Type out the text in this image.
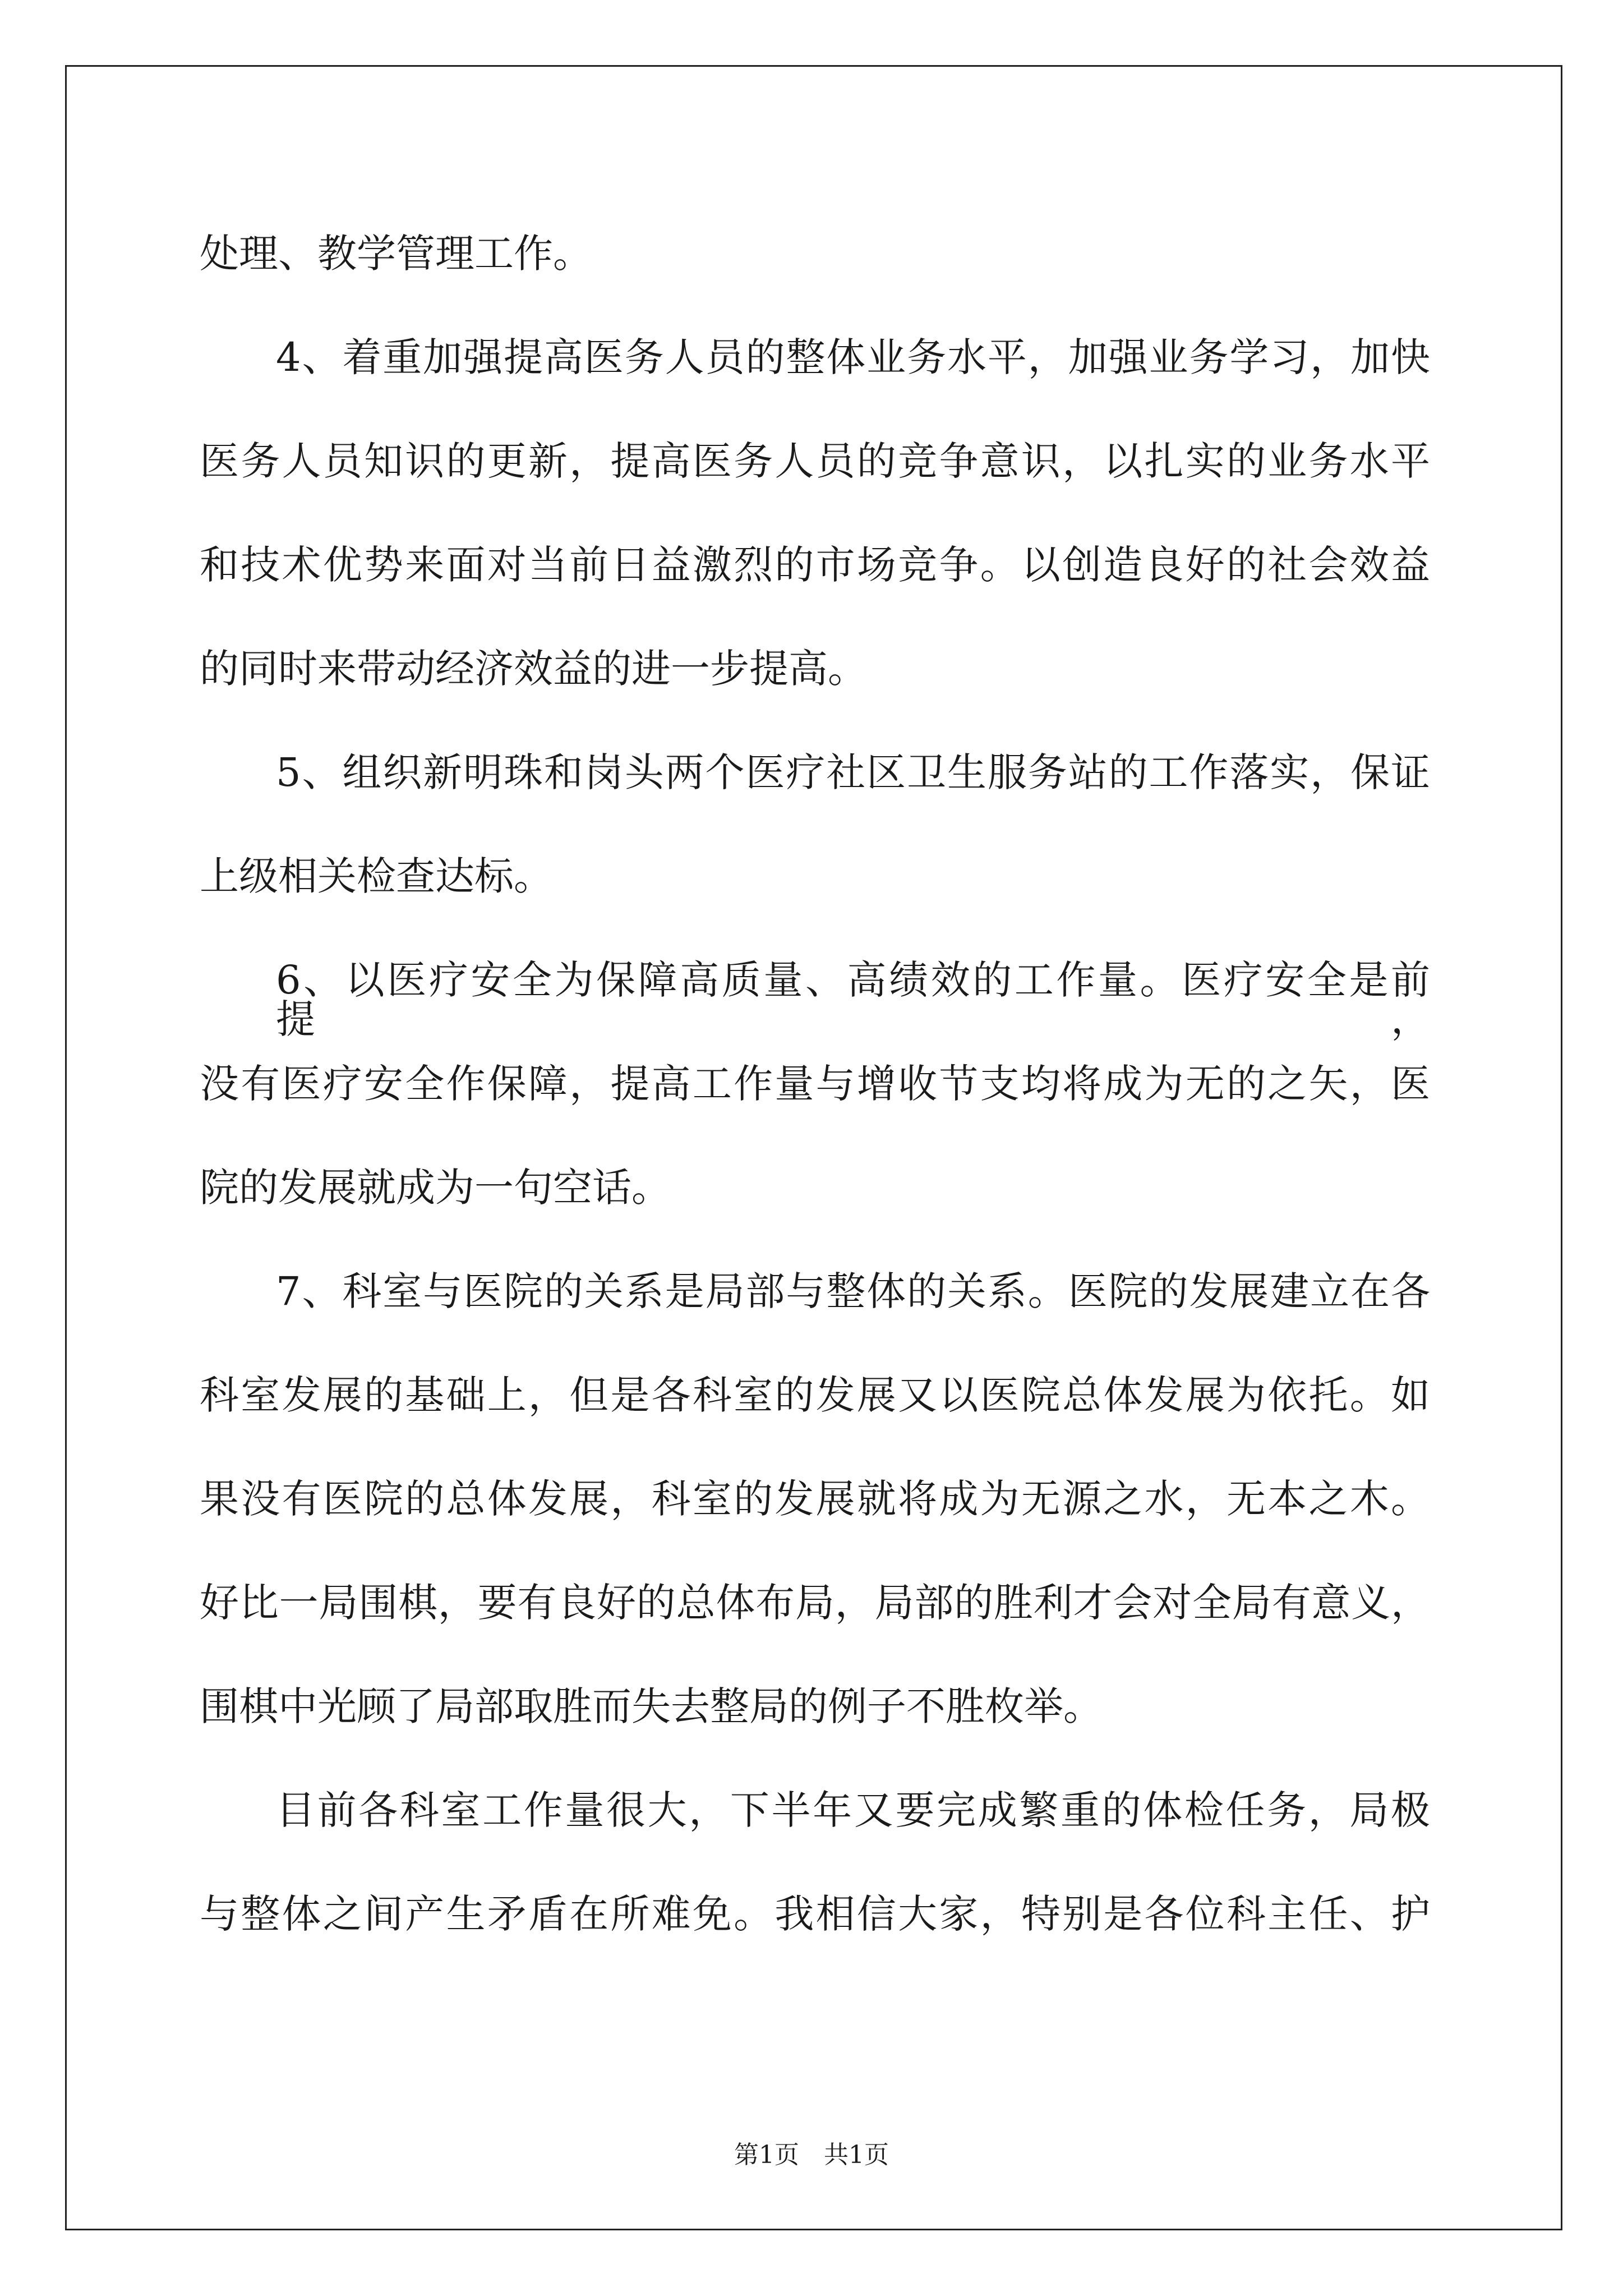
处理、教学管理工作。
4、着重加强提高医务人员的整体业务水平，加强业务学习，加快
医务人员知识的更新，提高医务人员的竞争意识，以扎实的业务水平
和技术优势来面对当前日益激烈的市场竞争。以创造良好的社会效益
的同时来带动经济效益的进一步提高。
5、组织新明珠和岗头两个医疗社区卫生服务站的工作落实，保证
上级相关检查达标。
6、以医疗安全为保障高质量、高绩效的工作量。医疗安全是前提，
没有医疗安全作保障，提高工作量与增收节支均将成为无的之矢，医
院的发展就成为一句空话。
7、科室与医院的关系是局部与整体的关系。医院的发展建立在各
科室发展的基础上，但是各科室的发展又以医院总体发展为依托。如
果没有医院的总体发展，科室的发展就将成为无源之水，无本之木。
好比一局围棋，要有良好的总体布局，局部的胜利才会对全局有意义，
围棋中光顾了局部取胜而失去整局的例子不胜枚举。
目前各科室工作量很大，下半年又要完成繁重的体检任务，局极
与整体之间产生矛盾在所难免。我相信大家，特别是各位科主任、护
第1页　共1页
